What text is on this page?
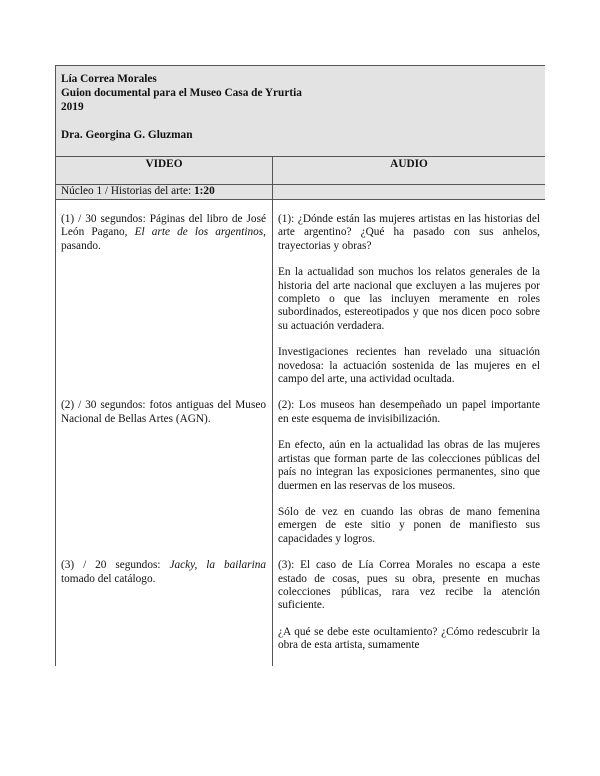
Lía Correa Morales
Guion documental para el Museo Casa de Yrurtia
2019
Dra. Georgina G. Gluzman	

VIDEO	AUDIO
Núcleo 1 / Historias del arte: 1:20	

(1) / 30 segundos: Páginas del libro de José León Pagano, El arte de los argentinos, pasando.	(1): ¿Dónde están las mujeres artistas en las historias del arte argentino? ¿Qué ha pasado con sus anhelos, trayectorias y obras?

En la actualidad son muchos los relatos generales de la historia del arte nacional que excluyen a las mujeres por completo o que las incluyen meramente en roles subordinados, estereotipados y que nos dicen poco sobre su actuación verdadera.

Investigaciones recientes han revelado una situación novedosa: la actuación sostenida de las mujeres en el campo del arte, una actividad ocultada.

(2) / 30 segundos: fotos antiguas del Museo Nacional de Bellas Artes (AGN).	(2): Los museos han desempeñado un papel importante en este esquema de invisibilización.

En efecto, aún en la actualidad las obras de las mujeres artistas que forman parte de las colecciones públicas del país no integran las exposiciones permanentes, sino que duermen en las reservas de los museos.

Sólo de vez en cuando las obras de mano femenina emergen de este sitio y ponen de manifiesto sus capacidades y logros.

(3) / 20 segundos: Jacky, la bailarina tomado del catálogo.	(3): El caso de Lía Correa Morales no escapa a este estado de cosas, pues su obra, presente en muchas colecciones públicas, rara vez recibe la atención suficiente.

¿A qué se debe este ocultamiento? ¿Cómo redescubrir la obra de esta artista, sumamente
